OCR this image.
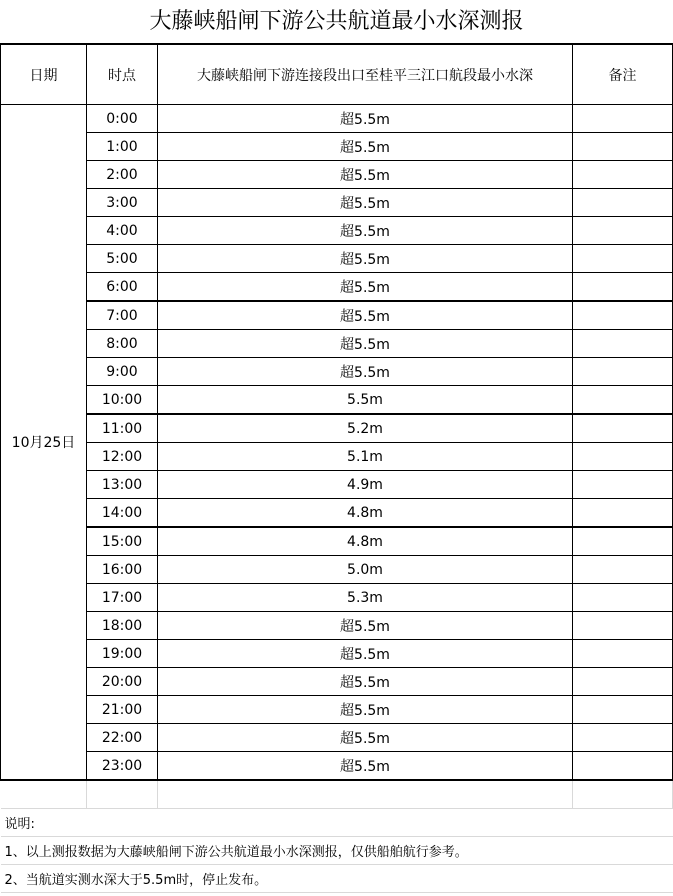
大藤峡船闸下游公共航道最小水深测报
日期	时点	大藤峡船闸下游连接段出口至桂平三江口航段最小水深	备注
10月25日	0:00	超5.5m	
	1:00	超5.5m	
	2:00	超5.5m	
	3:00	超5.5m	
	4:00	超5.5m	
	5:00	超5.5m	
	6:00	超5.5m	
	7:00	超5.5m	
	8:00	超5.5m	
	9:00	超5.5m	
	10:00	5.5m	
	11:00	5.2m	
	12:00	5.1m	
	13:00	4.9m	
	14:00	4.8m	
	15:00	4.8m	
	16:00	5.0m	
	17:00	5.3m	
	18:00	超5.5m	
	19:00	超5.5m	
	20:00	超5.5m	
	21:00	超5.5m	
	22:00	超5.5m	
	23:00	超5.5m	

说明:			
1、以上测报数据为大藤峡船闸下游公共航道最小水深测报，仅供船舶航行参考。			
2、当航道实测水深大于5.5m时，停止发布。			
